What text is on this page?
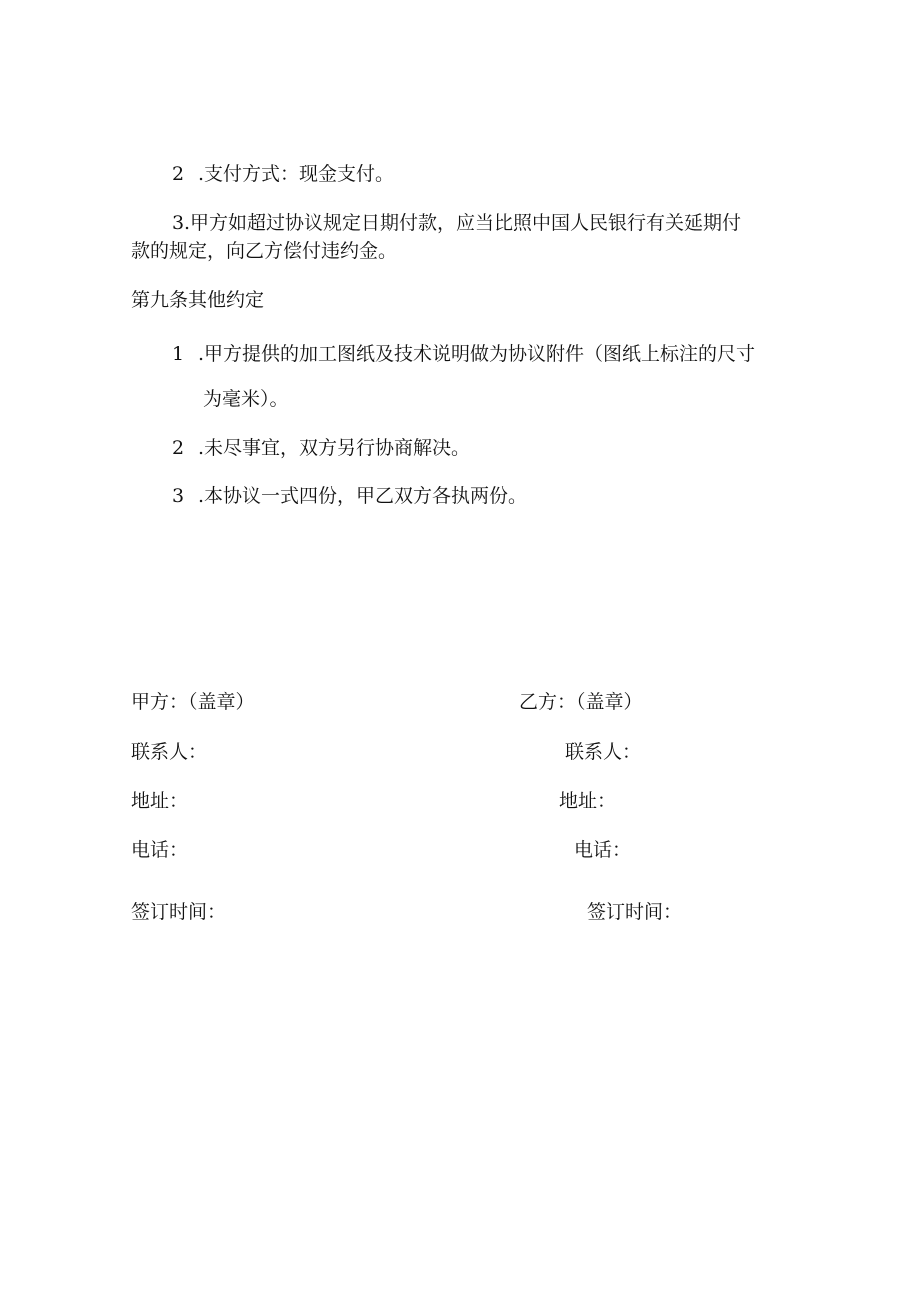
2 .支付方式：现金支付。
3.甲方如超过协议规定日期付款，应当比照中国人民银行有关延期付
款的规定，向乙方偿付违约金。
第九条其他约定
1 .甲方提供的加工图纸及技术说明做为协议附件（图纸上标注的尺寸
为毫米）。
2 .未尽事宜，双方另行协商解决。
3 .本协议一式四份，甲乙双方各执两份。
甲方：（盖章）
联系人：
地址：
电话：
签订时间：
乙方：（盖章）
联系人：
地址：
电话：
签订时间：
